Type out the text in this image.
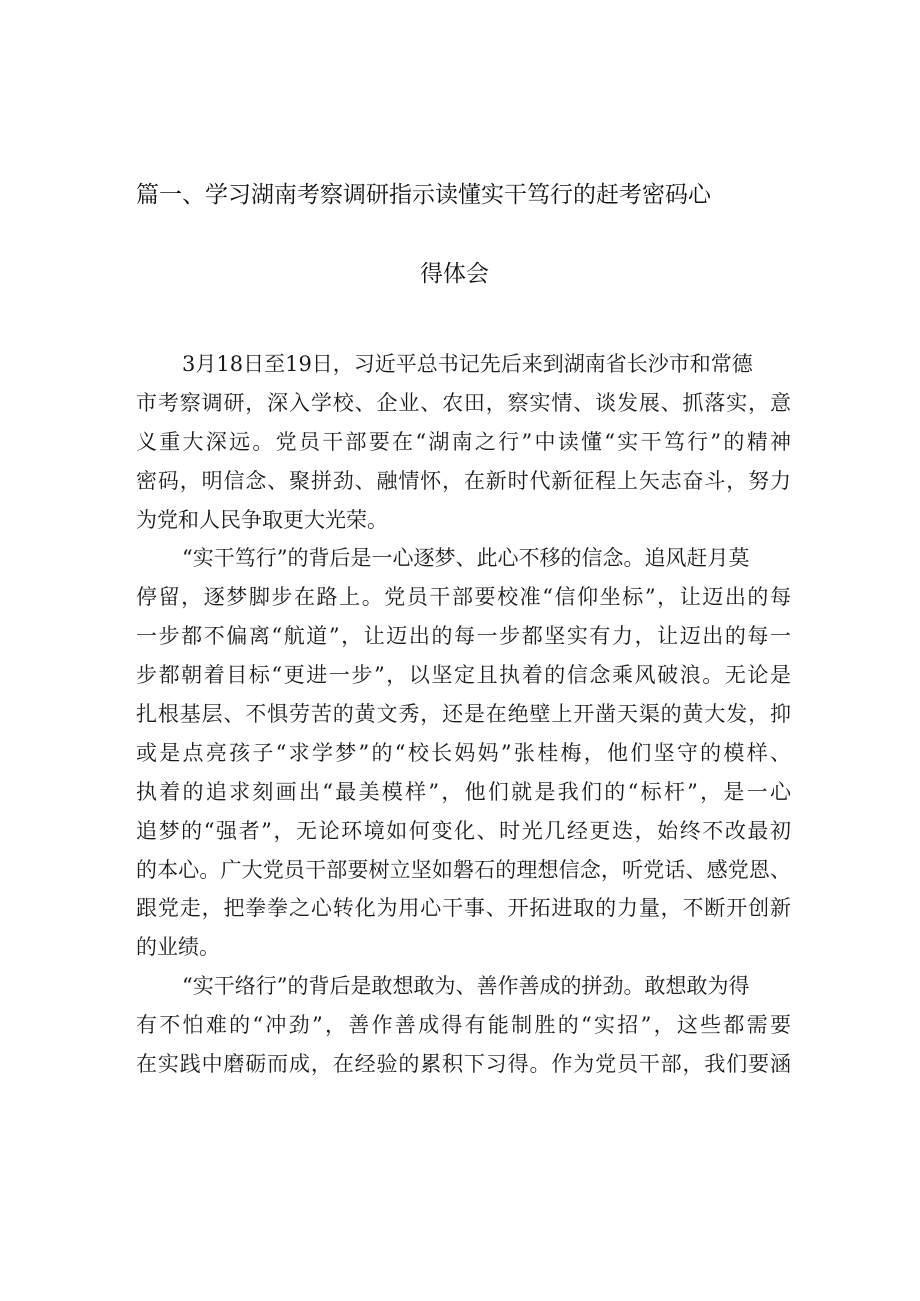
篇一、学习湖南考察调研指示读懂实干笃行的赶考密码心
得体会
3月18日至19日，习近平总书记先后来到湖南省长沙市和常德
市考察调研，深入学校、企业、农田，察实情、谈发展、抓落实，意
义重大深远。党员干部要在“湖南之行”中读懂“实干笃行”的精神
密码，明信念、聚拼劲、融情怀，在新时代新征程上矢志奋斗，努力
为党和人民争取更大光荣。
“实干笃行”的背后是一心逐梦、此心不移的信念。追风赶月莫
停留，逐梦脚步在路上。党员干部要校准“信仰坐标”，让迈出的每
一步都不偏离“航道”，让迈出的每一步都坚实有力，让迈出的每一
步都朝着目标“更进一步”，以坚定且执着的信念乘风破浪。无论是
扎根基层、不惧劳苦的黄文秀，还是在绝壁上开凿天渠的黄大发，抑
或是点亮孩子“求学梦”的“校长妈妈”张桂梅，他们坚守的模样、
执着的追求刻画出“最美模样”，他们就是我们的“标杆”，是一心
追梦的“强者”，无论环境如何变化、时光几经更迭，始终不改最初
的本心。广大党员干部要树立坚如磐石的理想信念，听党话、感党恩、
跟党走，把拳拳之心转化为用心干事、开拓进取的力量，不断开创新
的业绩。
“实干络行”的背后是敢想敢为、善作善成的拼劲。敢想敢为得
有不怕难的“冲劲”，善作善成得有能制胜的“实招”，这些都需要
在实践中磨砺而成，在经验的累积下习得。作为党员干部，我们要涵
